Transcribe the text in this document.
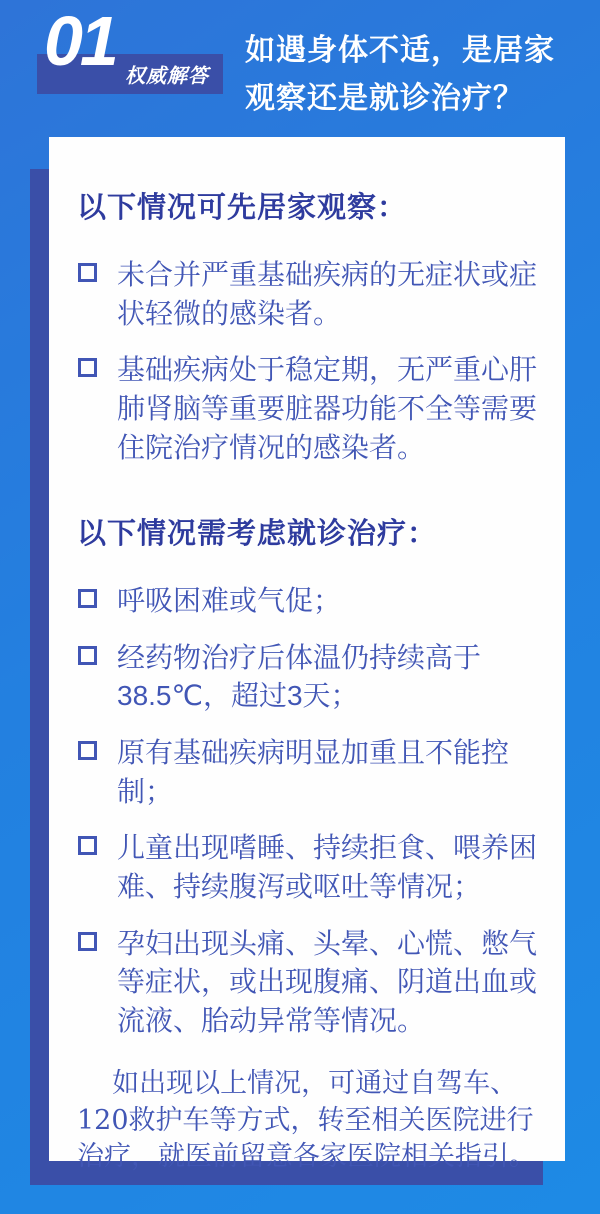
权威解答
01	如遇身体不适，是居家
观察还是就诊治疗？
以下情况可先居家观察：
未合并严重基础疾病的无症状或症状轻微的感染者。
基础疾病处于稳定期，无严重心肝肺肾脑等重要脏器功能不全等需要住院治疗情况的感染者。
以下情况需考虑就诊治疗：
呼吸困难或气促；
经药物治疗后体温仍持续高于38.5℃，超过3天；
原有基础疾病明显加重且不能控制；
儿童出现嗜睡、持续拒食、喂养困难、持续腹泻或呕吐等情况；
孕妇出现头痛、头晕、心慌、憋气等症状，或出现腹痛、阴道出血或流液、胎动异常等情况。

如出现以上情况，可通过自驾车、120救护车等方式，转至相关医院进行治疗，就医前留意各家医院相关指引。
